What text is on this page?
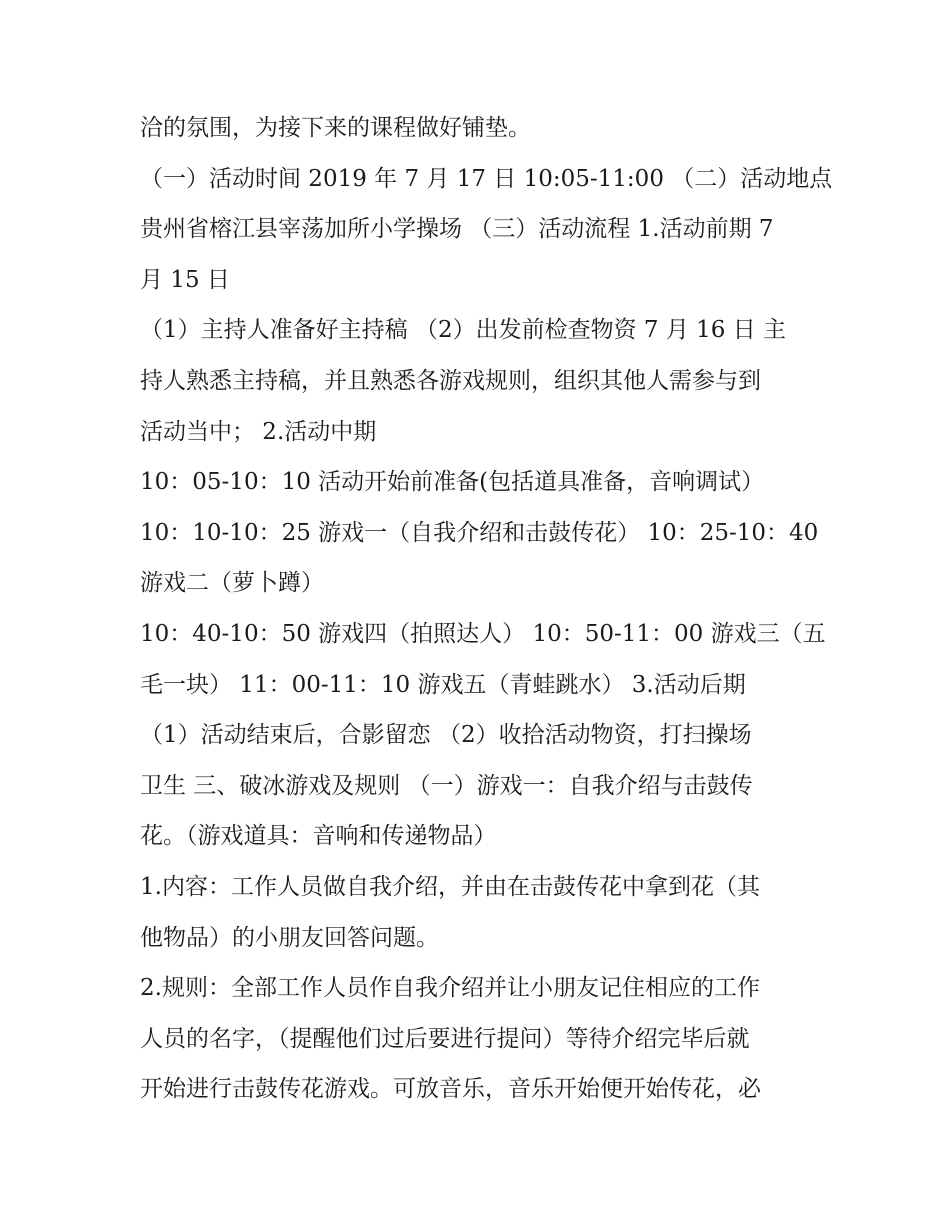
洽的氛围，为接下来的课程做好铺垫。
（一）活动时间 2019 年 7 月 17 日 10:05-11:00 （二）活动地点
贵州省榕江县宰荡加所小学操场 （三）活动流程 1.活动前期 7
月 15 日
（1）主持人准备好主持稿 （2）出发前检查物资 7 月 16 日 主
持人熟悉主持稿，并且熟悉各游戏规则，组织其他人需参与到
活动当中； 2.活动中期
10：05-10：10 活动开始前准备(包括道具准备，音响调试）
10：10-10：25 游戏一（自我介绍和击鼓传花） 10：25-10：40
游戏二（萝卜蹲）
10：40-10：50 游戏四（拍照达人） 10：50-11：00 游戏三（五
毛一块） 11：00-11：10 游戏五（青蛙跳水） 3.活动后期
（1）活动结束后，合影留恋 （2）收拾活动物资，打扫操场
卫生 三、破冰游戏及规则 （一）游戏一：自我介绍与击鼓传
花。（游戏道具：音响和传递物品）
1.内容：工作人员做自我介绍，并由在击鼓传花中拿到花（其
他物品）的小朋友回答问题。
2.规则：全部工作人员作自我介绍并让小朋友记住相应的工作
人员的名字，（提醒他们过后要进行提问）等待介绍完毕后就
开始进行击鼓传花游戏。可放音乐，音乐开始便开始传花，必
